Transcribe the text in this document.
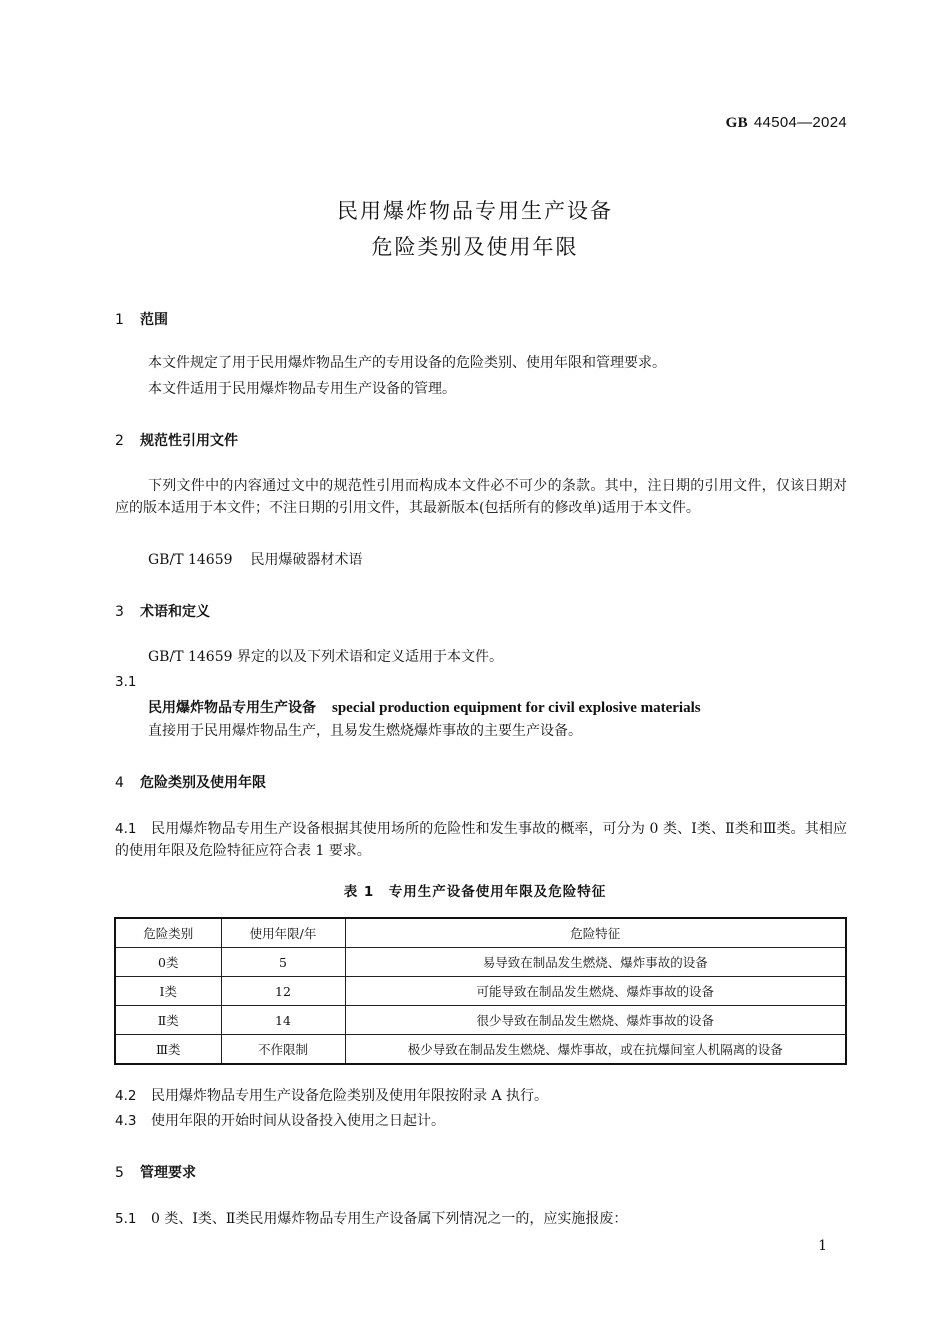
GB 44504—2024
民用爆炸物品专用生产设备
危险类别及使用年限
1 范围
本文件规定了用于民用爆炸物品生产的专用设备的危险类别、使用年限和管理要求。
本文件适用于民用爆炸物品专用生产设备的管理。
2 规范性引用文件
下列文件中的内容通过文中的规范性引用而构成本文件必不可少的条款。其中，注日期的引用文件，仅该日期对应的版本适用于本文件；不注日期的引用文件，其最新版本(包括所有的修改单)适用于本文件。
GB/T 14659 民用爆破器材术语
3 术语和定义
GB/T 14659 界定的以及下列术语和定义适用于本文件。
3.1
民用爆炸物品专用生产设备 special production equipment for civil explosive materials
直接用于民用爆炸物品生产，且易发生燃烧爆炸事故的主要生产设备。
4 危险类别及使用年限
4.1 民用爆炸物品专用生产设备根据其使用场所的危险性和发生事故的概率，可分为 0 类、Ⅰ类、Ⅱ类和Ⅲ类。其相应的使用年限及危险特征应符合表 1 要求。
表 1　专用生产设备使用年限及危险特征
危险类别	使用年限/年	危险特征
0类	5	易导致在制品发生燃烧、爆炸事故的设备
Ⅰ类	12	可能导致在制品发生燃烧、爆炸事故的设备
Ⅱ类	14	很少导致在制品发生燃烧、爆炸事故的设备
Ⅲ类	不作限制	极少导致在制品发生燃烧、爆炸事故，或在抗爆间室人机隔离的设备
4.2 民用爆炸物品专用生产设备危险类别及使用年限按附录 A 执行。
4.3 使用年限的开始时间从设备投入使用之日起计。
5 管理要求
5.1 0 类、Ⅰ类、Ⅱ类民用爆炸物品专用生产设备属下列情况之一的，应实施报废：
1
